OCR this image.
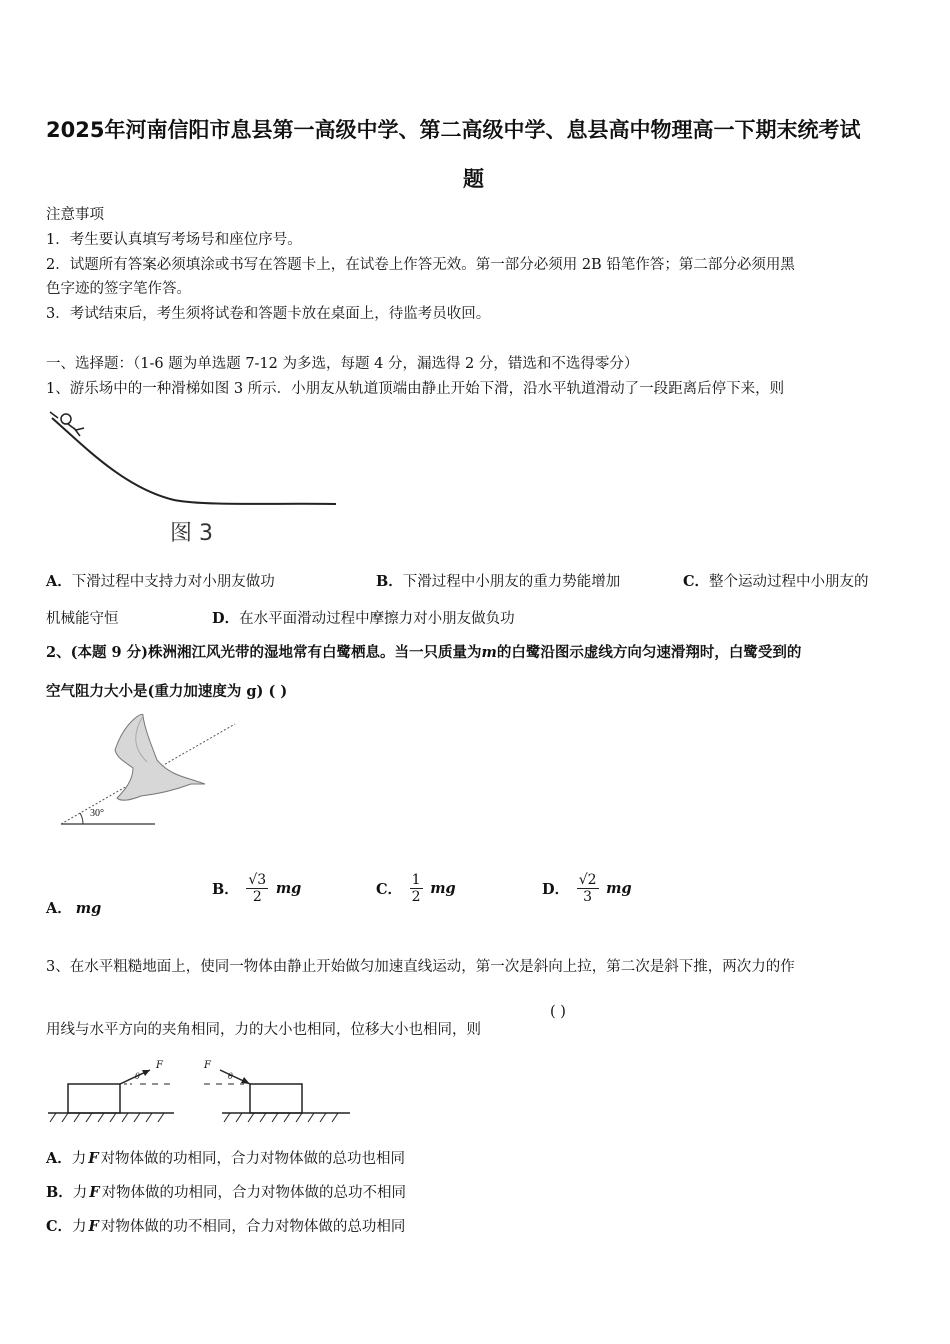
2025年河南信阳市息县第一高级中学、第二高级中学、息县高中物理高一下期末统考试
题
注意事项
1．考生要认真填写考场号和座位序号。
2．试题所有答案必须填涂或书写在答题卡上，在试卷上作答无效。第一部分必须用 2B 铅笔作答；第二部分必须用黑
色字迹的签字笔作答。
3．考试结束后，考生须将试卷和答题卡放在桌面上，待监考员收回。
一、选择题：（1-6 题为单选题 7-12 为多选，每题 4 分，漏选得 2 分，错选和不选得零分）
1、游乐场中的一种滑梯如图 3 所示．小朋友从轨道顶端由静止开始下滑，沿水平轨道滑动了一段距离后停下来，则
图 3
A．下滑过程中支持力对小朋友做功	B．下滑过程中小朋友的重力势能增加	C．整个运动过程中小朋友的
机械能守恒	D．在水平面滑动过程中摩擦力对小朋友做负功
2、(本题 9 分)株洲湘江风光带的湿地常有白鹭栖息。当一只质量为m的白鹭沿图示虚线方向匀速滑翔时，白鹭受到的
空气阻力大小是(重力加速度为 g) ( )
30°
A． mg
B． $\frac{√3}{2}$ mg	C． $\frac{1}{2}$ mg	D． $\frac{√2}{3}$ mg
3、在水平粗糙地面上，使同一物体由静止开始做匀加速直线运动，第一次是斜向上拉，第二次是斜下推，两次力的作
用线与水平方向的夹角相同，力的大小也相同，位移大小也相同，则
( )
F	F
θ	θ
A．力 F 对物体做的功相同，合力对物体做的总功也相同
B．力 F 对物体做的功相同，合力对物体做的总功不相同
C．力 F 对物体做的功不相同，合力对物体做的总功相同
